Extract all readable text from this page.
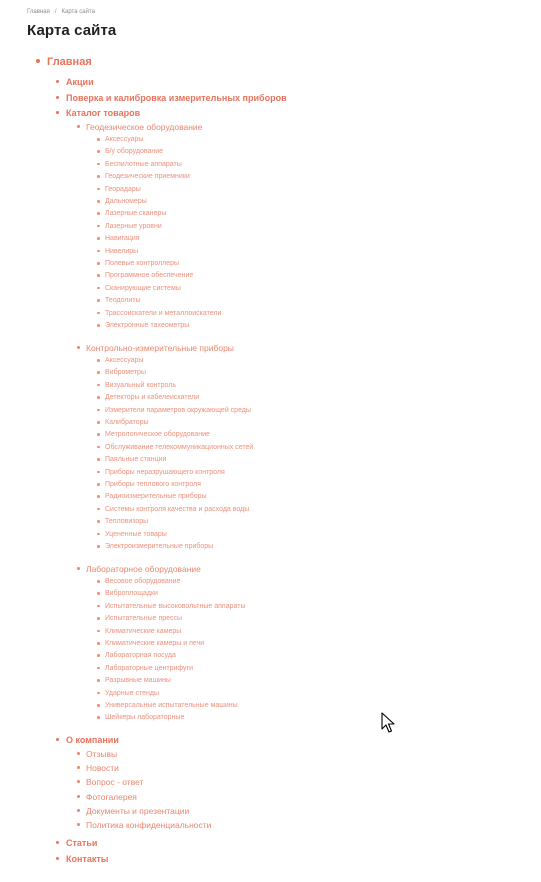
Главная / Карта сайта
Карта сайта
Главная
Акции
Поверка и калибровка измерительных приборов
Каталог товаров
Геодезическое оборудование
Аксессуары
Б/у оборудование
Беспилотные аппараты
Геодезические приемники
Георадары
Дальномеры
Лазерные сканеры
Лазерные уровни
Навигация
Нивелиры
Полевые контроллеры
Программное обеспечение
Сканирующие системы
Теодолиты
Трассоискатели и металлоискатели
Электронные тахеометры
Контрольно-измерительные приборы
Аксессуары
Виброметры
Визуальный контроль
Детекторы и кабелеискатели
Измерители параметров окружающей среды
Калибраторы
Метрологическое оборудование
Обслуживание телекоммуникационных сетей
Паяльные станции
Приборы неразрушающего контроля
Приборы теплового контроля
Радиоизмерительные приборы
Системы контроля качества и расхода воды
Тепловизоры
Уцененные товары
Электроизмерительные приборы
Лабораторное оборудование
Весовое оборудование
Виброплощадки
Испытательные высоковольтные аппараты
Испытательные прессы
Климатические камеры
Климатические камеры и печи
Лабораторная посуда
Лабораторные центрифуги
Разрывные машины
Ударные стенды
Универсальные испытательные машины
Шейкеры лабораторные
О компании
Отзывы
Новости
Вопрос - ответ
Фотогалерея
Документы и презентации
Политика конфиденциальности
Статьи
Контакты
